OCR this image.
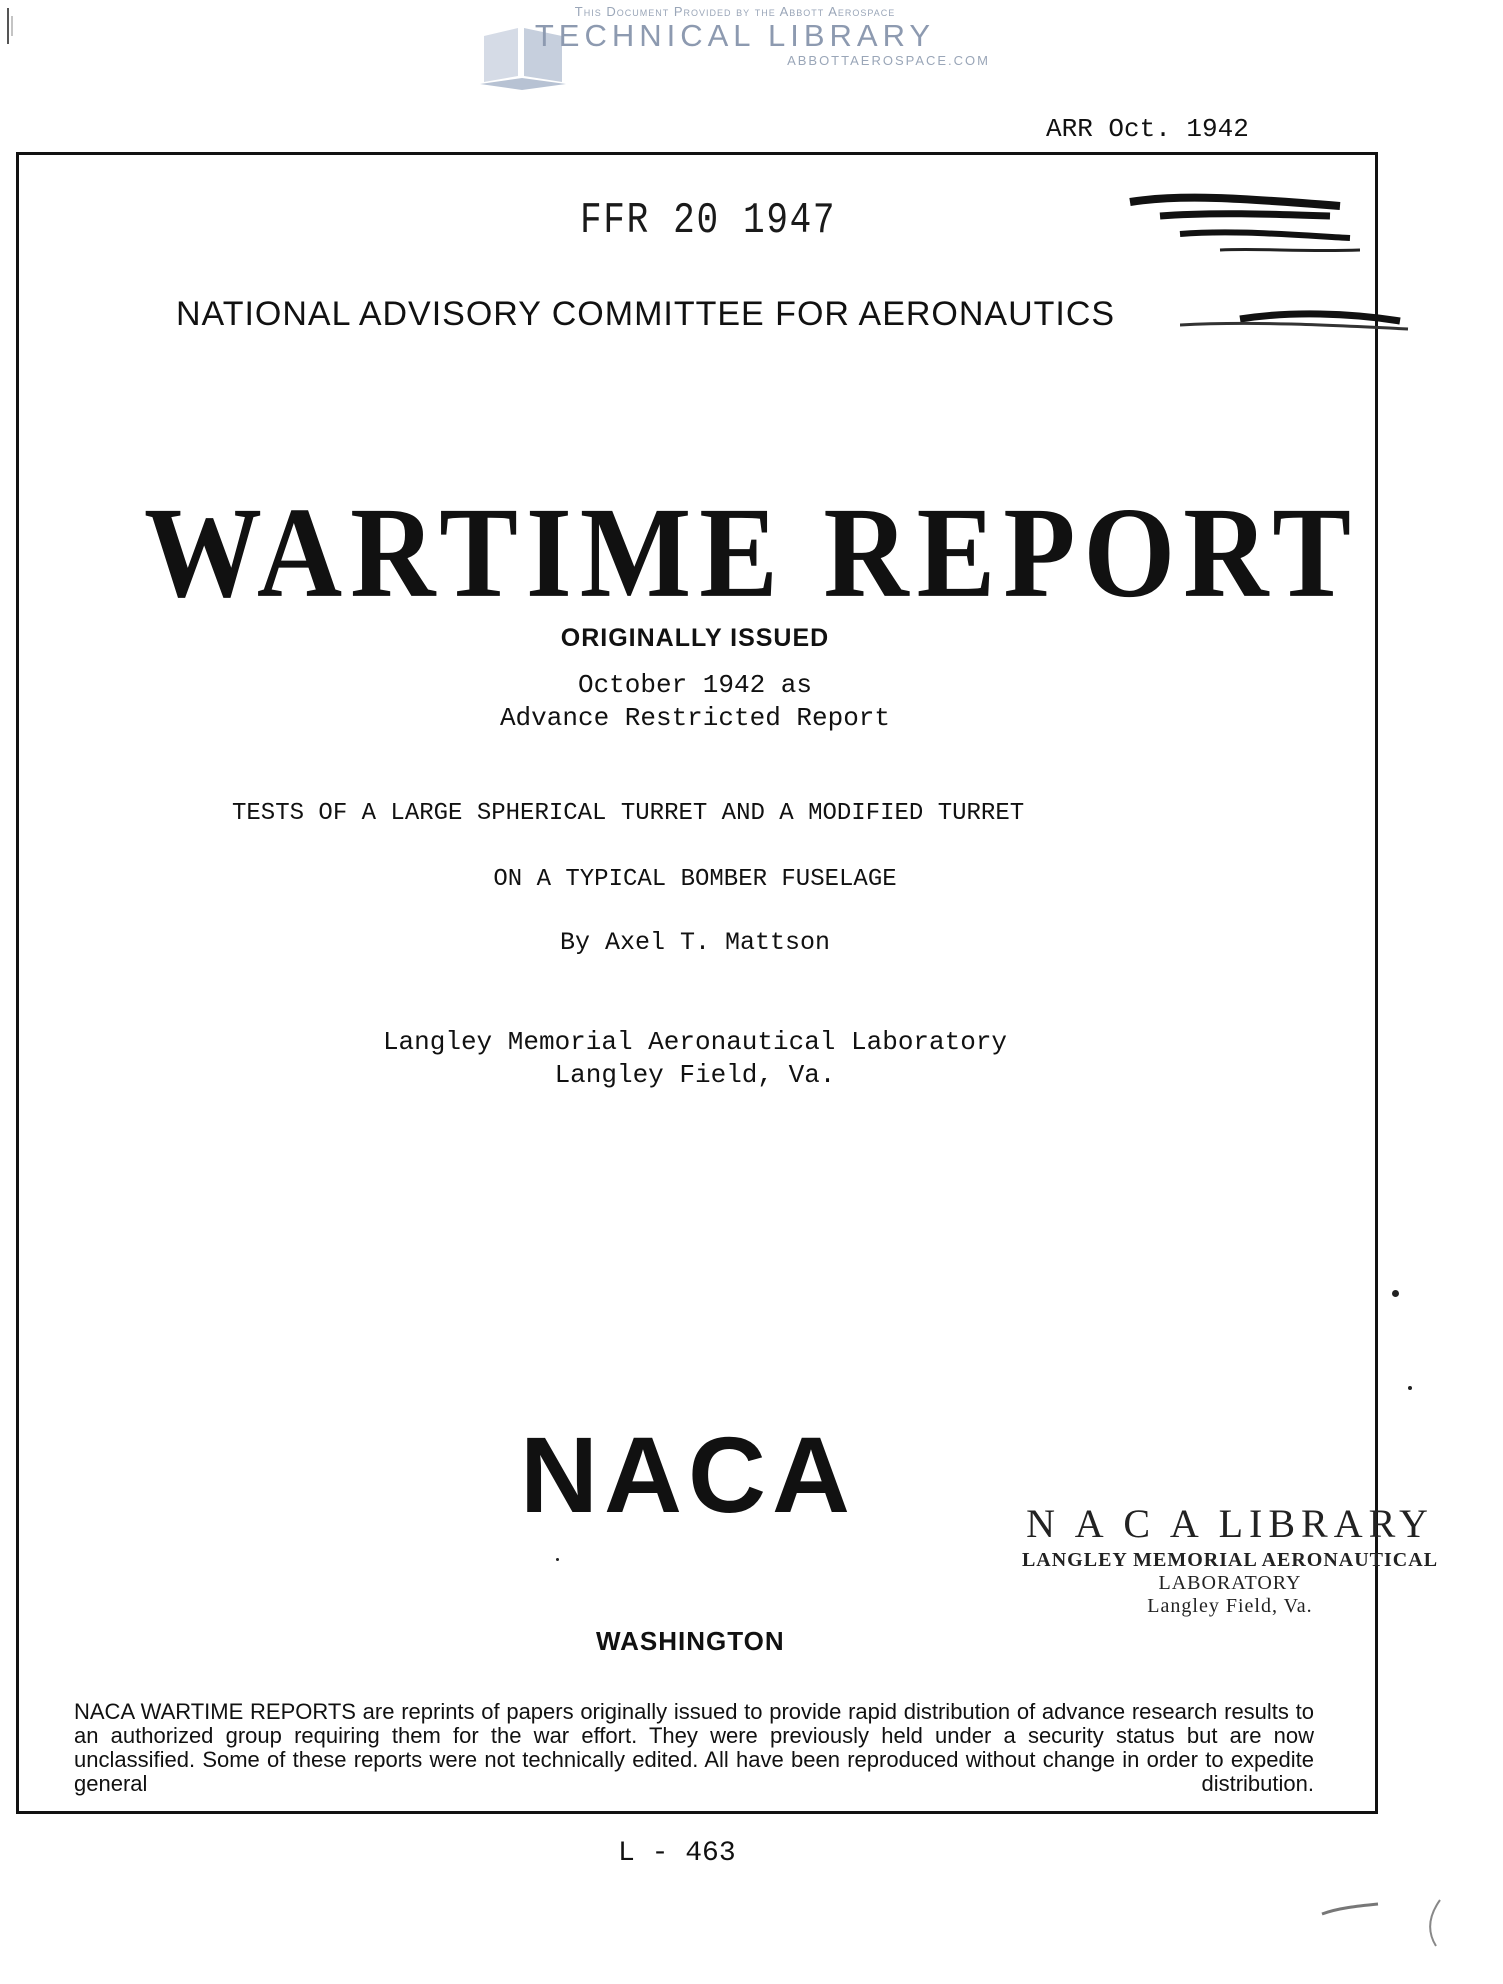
This Document Provided by the Abbott Aerospace
TECHNICAL LIBRARY
ABBOTTAEROSPACE.COM
ARR Oct. 1942
FFR 20 1947
NATIONAL ADVISORY COMMITTEE FOR AERONAUTICS
WARTIME REPORT
ORIGINALLY ISSUED
October 1942 as
Advance Restricted Report
TESTS OF A LARGE SPHERICAL TURRET AND A MODIFIED TURRET
ON A TYPICAL BOMBER FUSELAGE
By Axel T. Mattson
Langley Memorial Aeronautical Laboratory
Langley Field, Va.
NACA
WASHINGTON
N A C A LIBRARY
LANGLEY MEMORIAL AERONAUTICAL
LABORATORY
Langley Field, Va.
NACA WARTIME REPORTS are reprints of papers originally issued to provide rapid distribution of advance research results to an authorized group requiring them for the war effort. They were previously held under a security status but are now unclassified. Some of these reports were not technically edited. All have been reproduced without change in order to expedite general distribution.
L - 463
